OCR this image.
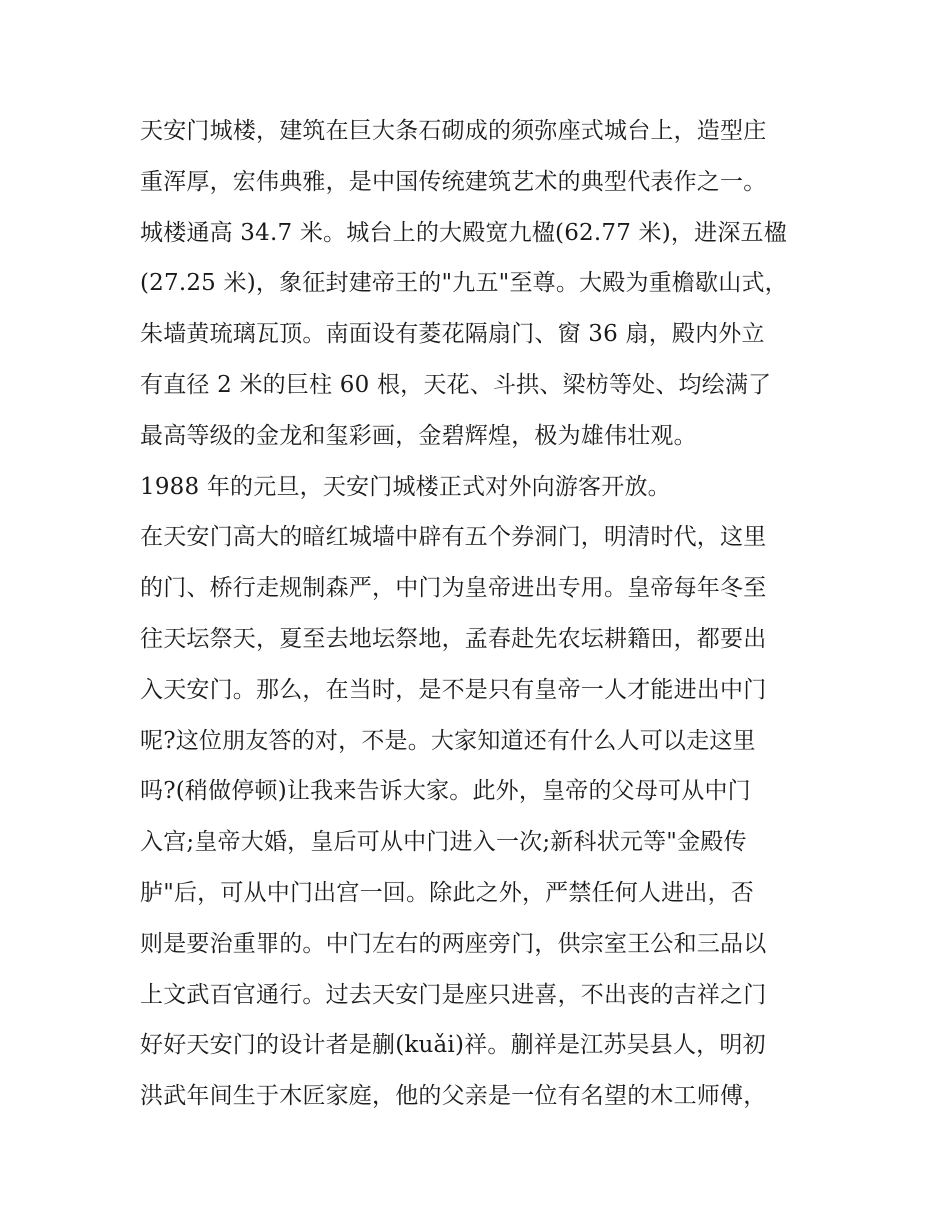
天安门城楼，建筑在巨大条石砌成的须弥座式城台上，造型庄
重浑厚，宏伟典雅，是中国传统建筑艺术的典型代表作之一。
城楼通高 34.7 米。城台上的大殿宽九楹(62.77 米)，进深五楹
(27.25 米)，象征封建帝王的"九五"至尊。大殿为重檐歇山式，
朱墙黄琉璃瓦顶。南面设有菱花隔扇门、窗 36 扇，殿内外立
有直径 2 米的巨柱 60 根，天花、斗拱、梁枋等处、均绘满了
最高等级的金龙和玺彩画，金碧辉煌，极为雄伟壮观。
1988 年的元旦，天安门城楼正式对外向游客开放。
在天安门高大的暗红城墙中辟有五个券洞门，明清时代，这里
的门、桥行走规制森严，中门为皇帝进出专用。皇帝每年冬至
往天坛祭天，夏至去地坛祭地，孟春赴先农坛耕籍田，都要出
入天安门。那么，在当时，是不是只有皇帝一人才能进出中门
呢?这位朋友答的对，不是。大家知道还有什么人可以走这里
吗?(稍做停顿)让我来告诉大家。此外，皇帝的父母可从中门
入宫;皇帝大婚，皇后可从中门进入一次;新科状元等"金殿传
胪"后，可从中门出宫一回。除此之外，严禁任何人进出，否
则是要治重罪的。中门左右的两座旁门，供宗室王公和三品以
上文武百官通行。过去天安门是座只进喜，不出丧的吉祥之门
好好天安门的设计者是蒯(kuǎi)祥。蒯祥是江苏吴县人，明初
洪武年间生于木匠家庭，他的父亲是一位有名望的木工师傅，
